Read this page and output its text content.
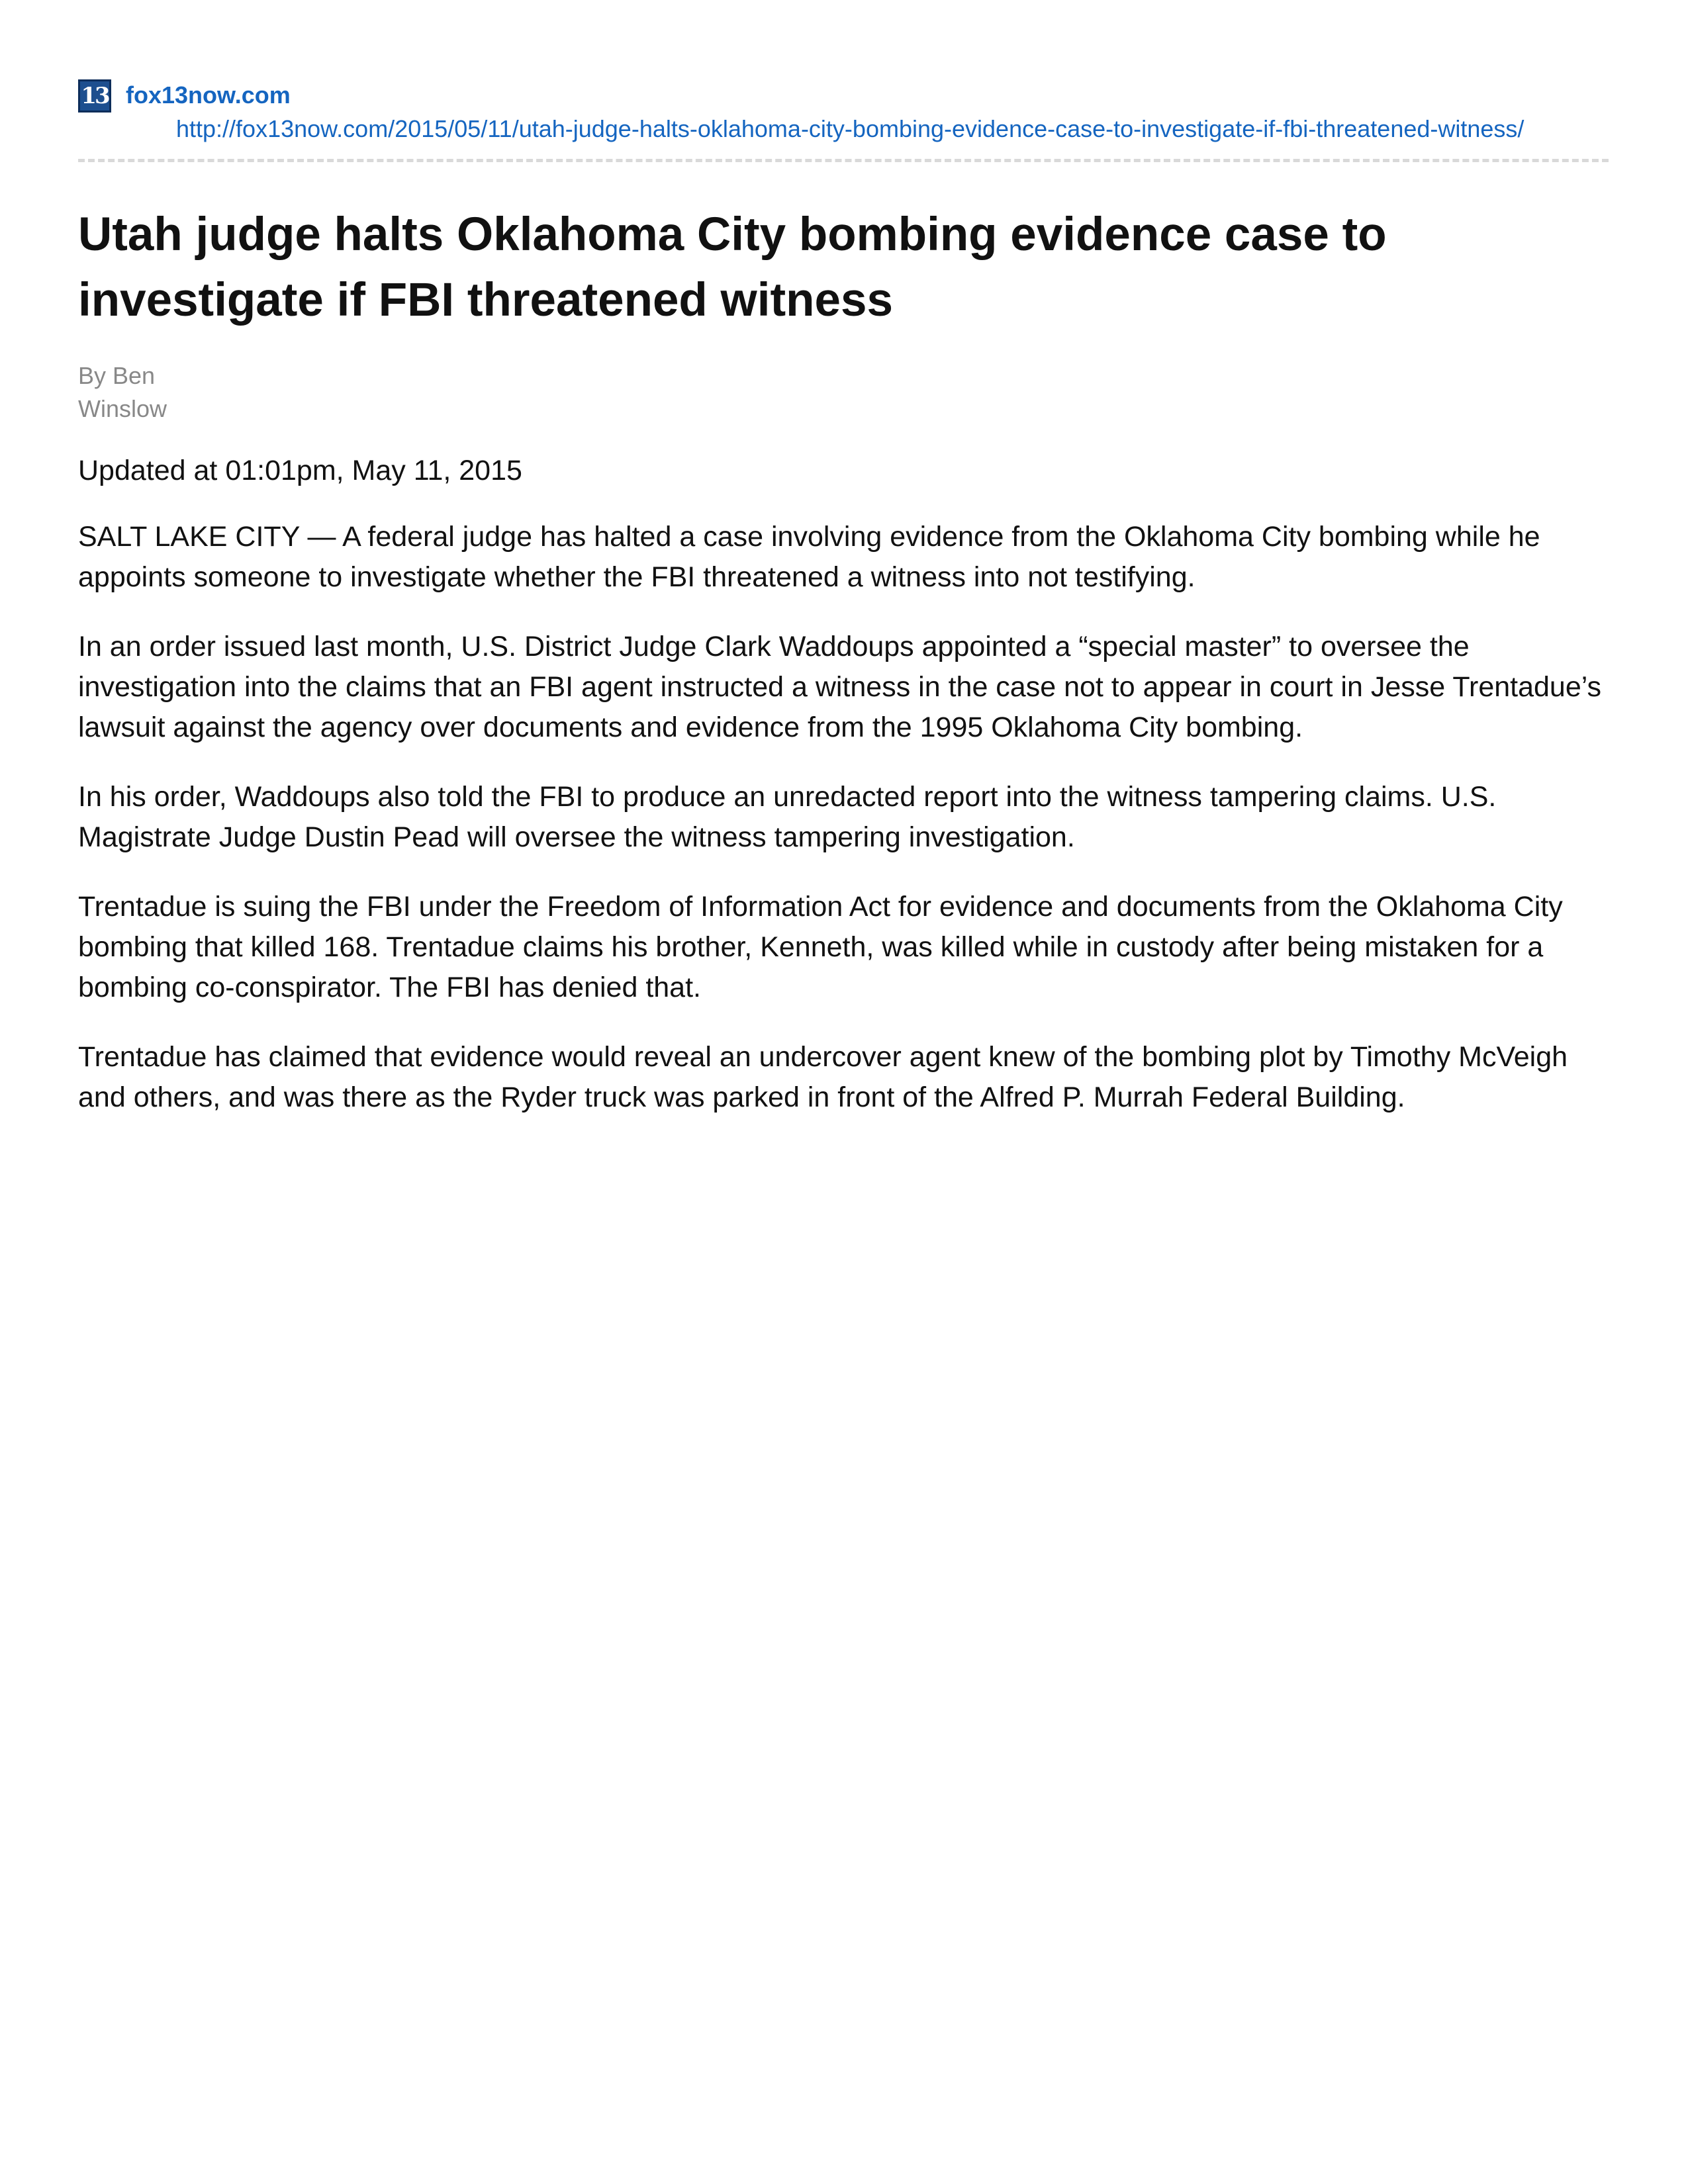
13 fox13now.com
http://fox13now.com/2015/05/11/utah-judge-halts-oklahoma-city-bombing-evidence-case-to-investigate-if-fbi-threatened-witness/
Utah judge halts Oklahoma City bombing evidence case to investigate if FBI threatened witness
By Ben
Winslow
Updated at 01:01pm, May 11, 2015

SALT LAKE CITY — A federal judge has halted a case involving evidence from the Oklahoma City bombing while he appoints someone to investigate whether the FBI threatened a witness into not testifying.

In an order issued last month, U.S. District Judge Clark Waddoups appointed a “special master” to oversee the investigation into the claims that an FBI agent instructed a witness in the case not to appear in court in Jesse Trentadue’s lawsuit against the agency over documents and evidence from the 1995 Oklahoma City bombing.

In his order, Waddoups also told the FBI to produce an unredacted report into the witness tampering claims. U.S. Magistrate Judge Dustin Pead will oversee the witness tampering investigation.

Trentadue is suing the FBI under the Freedom of Information Act for evidence and documents from the Oklahoma City bombing that killed 168. Trentadue claims his brother, Kenneth, was killed while in custody after being mistaken for a bombing co-conspirator. The FBI has denied that.

Trentadue has claimed that evidence would reveal an undercover agent knew of the bombing plot by Timothy McVeigh and others, and was there as the Ryder truck was parked in front of the Alfred P. Murrah Federal Building.
